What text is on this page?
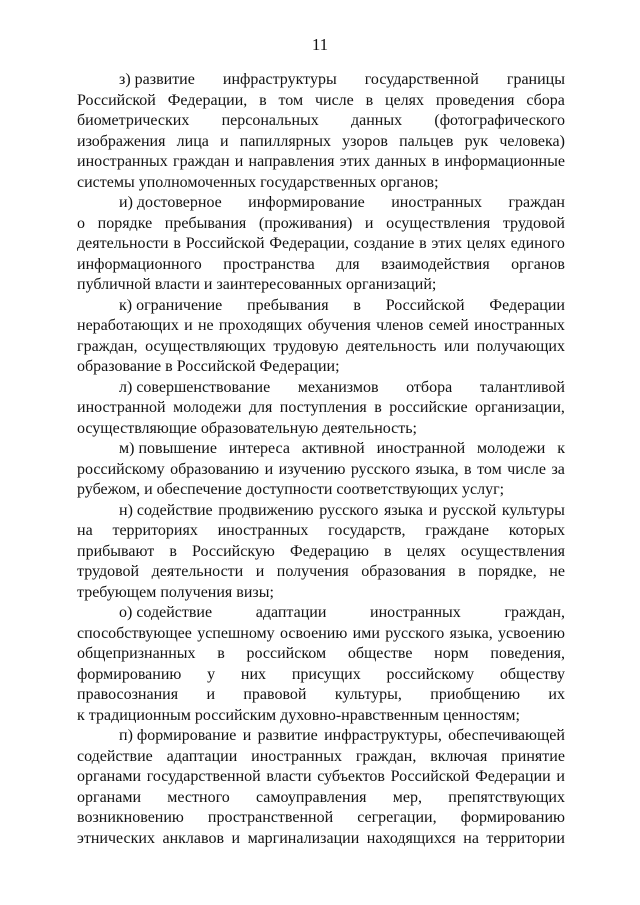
11

з) развитие инфраструктуры государственной границы
Российской Федерации, в том числе в целях проведения сбора
биометрических персональных данных (фотографического
изображения лица и папиллярных узоров пальцев рук человека)
иностранных граждан и направления этих данных в информационные
системы уполномоченных государственных органов;

и) достоверное информирование иностранных граждан
о порядке пребывания (проживания) и осуществления трудовой
деятельности в Российской Федерации, создание в этих целях единого
информационного пространства для взаимодействия органов
публичной власти и заинтересованных организаций;

к) ограничение пребывания в Российской Федерации
неработающих и не проходящих обучения членов семей иностранных
граждан, осуществляющих трудовую деятельность или получающих
образование в Российской Федерации;

л) совершенствование механизмов отбора талантливой
иностранной молодежи для поступления в российские организации,
осуществляющие образовательную деятельность;

м) повышение интереса активной иностранной молодежи к
российскому образованию и изучению русского языка, в том числе за
рубежом, и обеспечение доступности соответствующих услуг;

н) содействие продвижению русского языка и русской культуры
на территориях иностранных государств, граждане которых
прибывают в Российскую Федерацию в целях осуществления
трудовой деятельности и получения образования в порядке, не
требующем получения визы;

о) содействие	адаптации	иностранных	граждан,
способствующее успешному освоению ими русского языка, усвоению
общепризнанных в российском обществе норм поведения,
формированию у них присущих российскому обществу
правосознания и правовой культуры, приобщению их
к традиционным российским духовно-нравственным ценностям;

п) формирование и развитие инфраструктуры, обеспечивающей
содействие адаптации иностранных граждан, включая принятие
органами государственной власти субъектов Российской Федерации и
органами местного самоуправления мер, препятствующих
возникновению пространственной сегрегации, формированию
этнических анклавов и маргинализации находящихся на территории
